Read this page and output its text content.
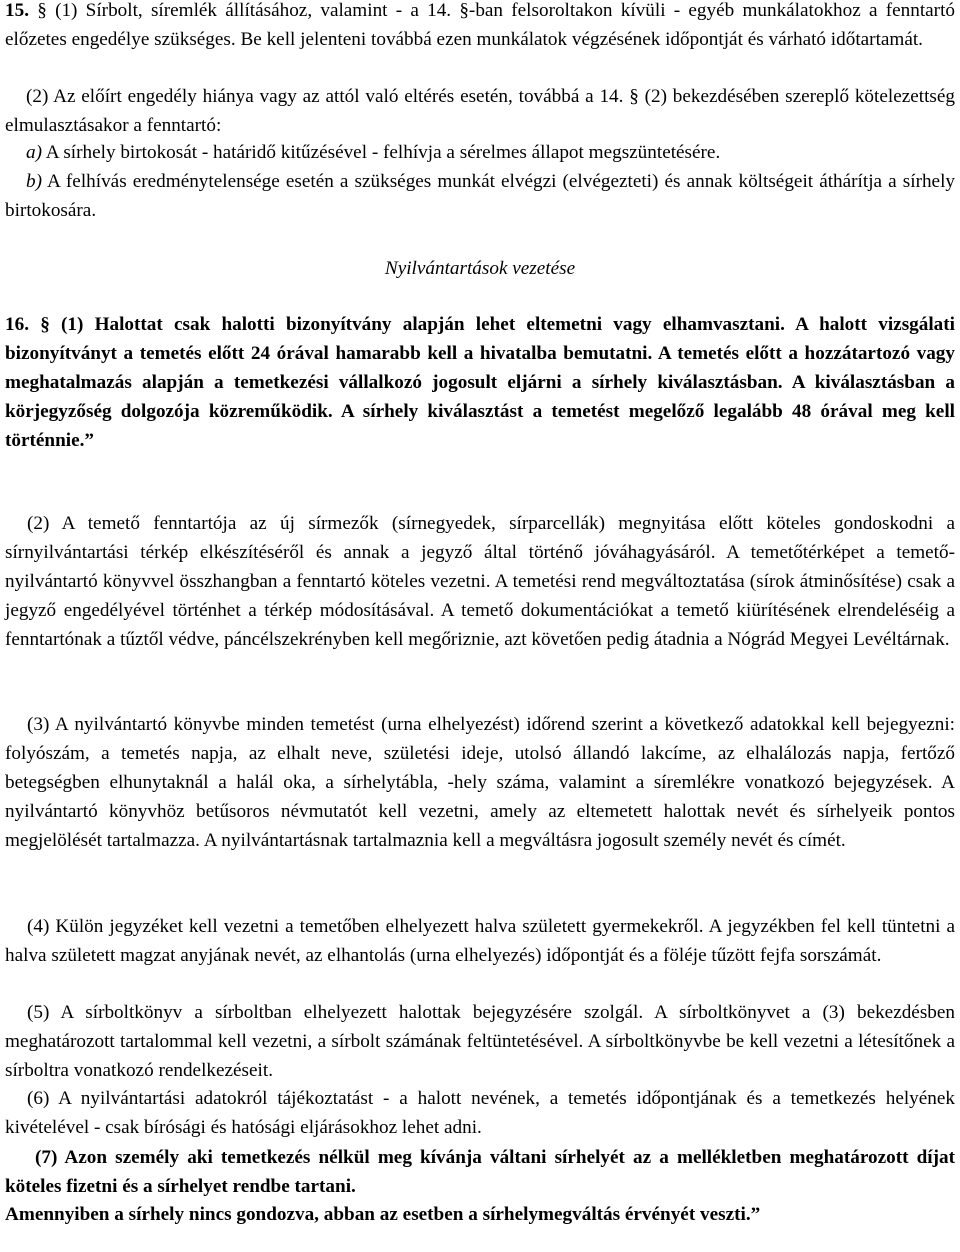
15. § (1) Sírbolt, síremlék állításához, valamint - a 14. §-ban felsoroltakon kívüli - egyéb munkálatokhoz a fenntartó előzetes engedélye szükséges. Be kell jelenteni továbbá ezen munkálatok végzésének időpontját és várható időtartamát.

(2) Az előírt engedély hiánya vagy az attól való eltérés esetén, továbbá a 14. § (2) bekezdésében szereplő kötelezettség elmulasztásakor a fenntartó:

a) A sírhely birtokosát - határidő kitűzésével - felhívja a sérelmes állapot megszüntetésére.

b) A felhívás eredménytelensége esetén a szükséges munkát elvégzi (elvégezteti) és annak költségeit áthárítja a sírhely birtokosára.

Nyilvántartások vezetése

16. § (1) Halottat csak halotti bizonyítvány alapján lehet eltemetni vagy elhamvasztani. A halott vizsgálati bizonyítványt a temetés előtt 24 órával hamarabb kell a hivatalba bemutatni. A temetés előtt a hozzátartozó vagy meghatalmazás alapján a temetkezési vállalkozó jogosult eljárni a sírhely kiválasztásban. A kiválasztásban a körjegyzőség dolgozója közreműködik. A sírhely kiválasztást a temetést megelőző legalább 48 órával meg kell történnie.”

(2) A temető fenntartója az új sírmezők (sírnegyedek, sírparcellák) megnyitása előtt köteles gondoskodni a sírnyilvántartási térkép elkészítéséről és annak a jegyző által történő jóváhagyásáról. A temetőtérképet a temető-nyilvántartó könyvvel összhangban a fenntartó köteles vezetni. A temetési rend megváltoztatása (sírok átminősítése) csak a jegyző engedélyével történhet a térkép módosításával. A temető dokumentációkat a temető kiürítésének elrendeléséig a fenntartónak a tűztől védve, páncélszekrényben kell megőriznie, azt követően pedig átadnia a Nógrád Megyei Levéltárnak.

(3) A nyilvántartó könyvbe minden temetést (urna elhelyezést) időrend szerint a következő adatokkal kell bejegyezni: folyószám, a temetés napja, az elhalt neve, születési ideje, utolsó állandó lakcíme, az elhalálozás napja, fertőző betegségben elhunytaknál a halál oka, a sírhelytábla, -hely száma, valamint a síremlékre vonatkozó bejegyzések. A nyilvántartó könyvhöz betűsoros névmutatót kell vezetni, amely az eltemetett halottak nevét és sírhelyeik pontos megjelölését tartalmazza. A nyilvántartásnak tartalmaznia kell a megváltásra jogosult személy nevét és címét.

(4) Külön jegyzéket kell vezetni a temetőben elhelyezett halva született gyermekekről. A jegyzékben fel kell tüntetni a halva született magzat anyjának nevét, az elhantolás (urna elhelyezés) időpontját és a föléje tűzött fejfa sorszámát.

(5) A sírboltkönyv a sírboltban elhelyezett halottak bejegyzésére szolgál. A sírboltkönyvet a (3) bekezdésben meghatározott tartalommal kell vezetni, a sírbolt számának feltüntetésével. A sírboltkönyvbe be kell vezetni a létesítőnek a sírboltra vonatkozó rendelkezéseit.

(6) A nyilvántartási adatokról tájékoztatást - a halott nevének, a temetés időpontjának és a temetkezés helyének kivételével - csak bírósági és hatósági eljárásokhoz lehet adni.

(7) Azon személy aki temetkezés nélkül meg kívánja váltani sírhelyét az a mellékletben meghatározott díjat köteles fizetni és a sírhelyet rendbe tartani.

Amennyiben a sírhely nincs gondozva, abban az esetben a sírhelymegváltás érvényét veszti.”
